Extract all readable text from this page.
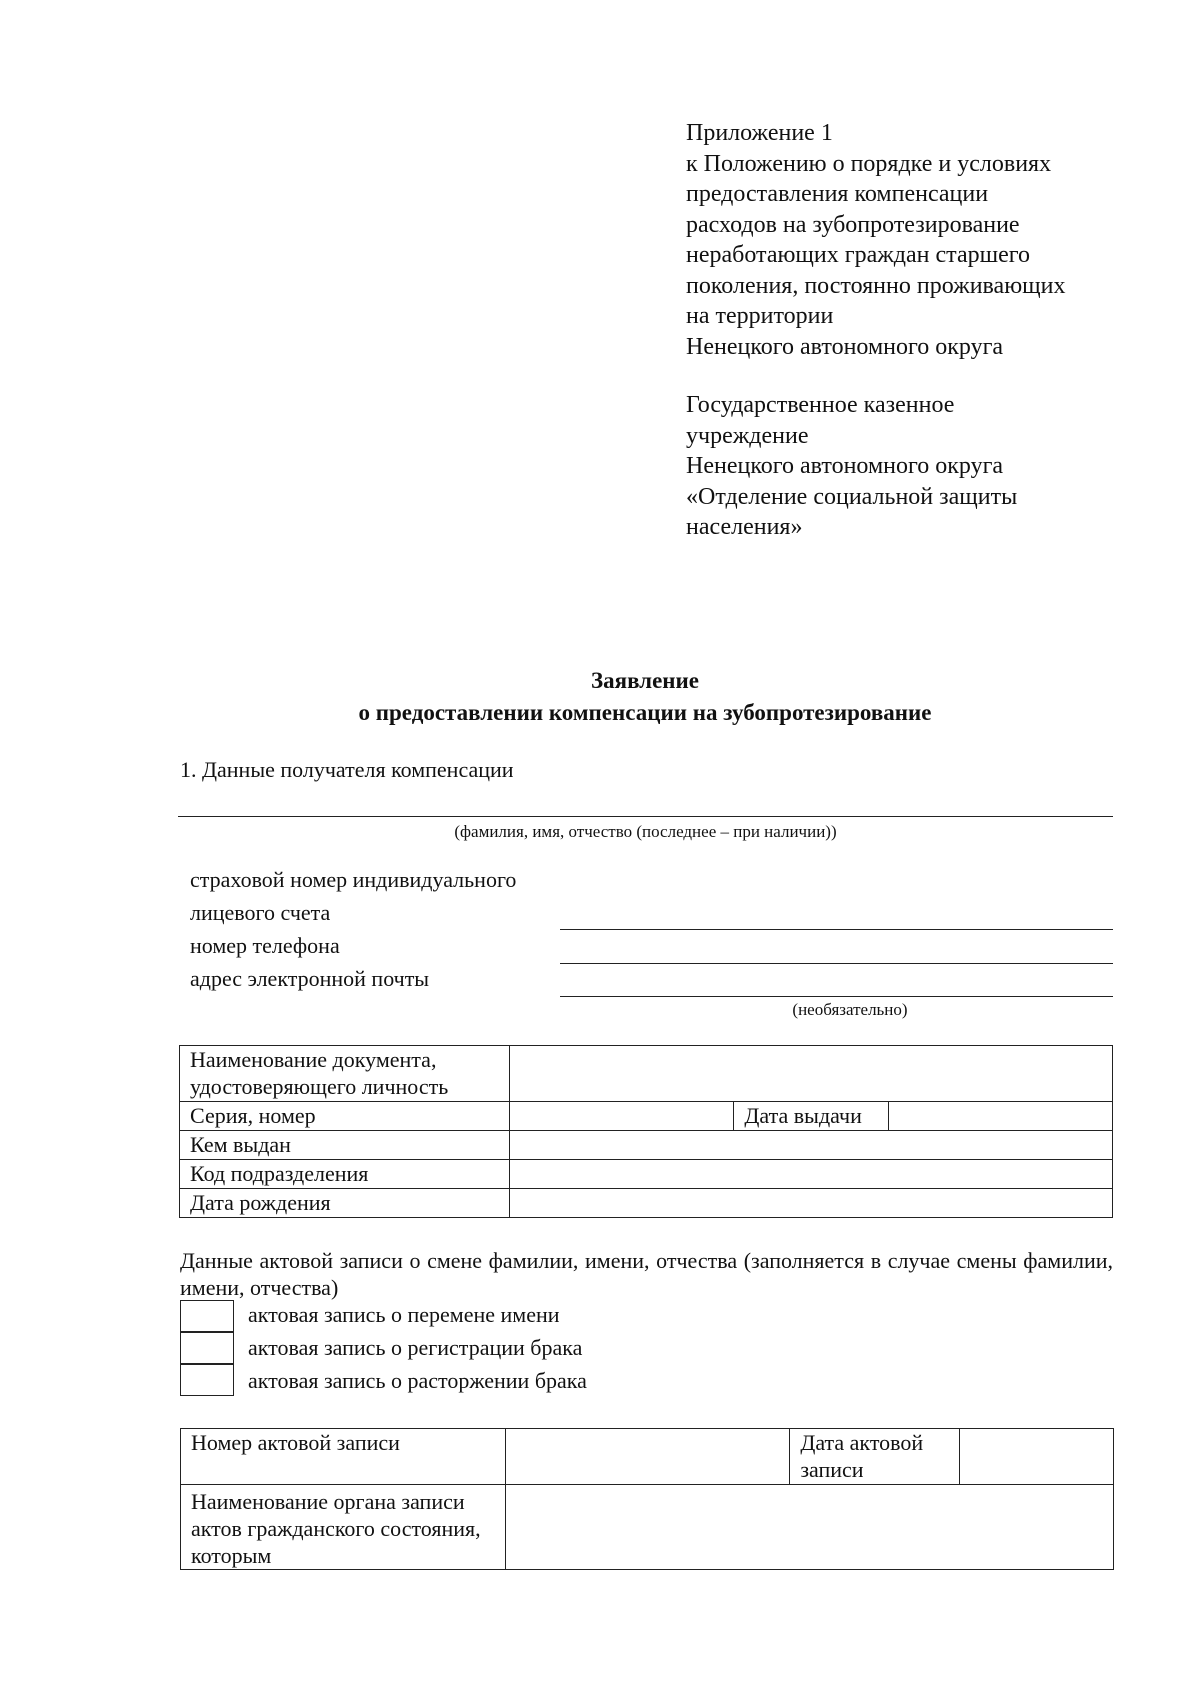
Приложение 1
к Положению о порядке и условиях
предоставления компенсации
расходов на зубопротезирование
неработающих граждан старшего
поколения, постоянно проживающих
на территории
Ненецкого автономного округа
Государственное казенное
учреждение
Ненецкого автономного округа
«Отделение социальной защиты
населения»
Заявление
о предоставлении компенсации на зубопротезирование
1. Данные получателя компенсации
(фамилия, имя, отчество (последнее – при наличии))
страховой номер индивидуального
лицевого счета
номер телефона
адрес электронной почты
(необязательно)
Наименование документа, удостоверяющего личность			
Серия, номер		Дата выдачи	
Кем выдан			
Код подразделения			
Дата рождения			
Данные актовой записи о смене фамилии, имени, отчества (заполняется в случае смены фамилии, имени, отчества)
актовая запись о перемене имени
актовая запись о регистрации брака
актовая запись о расторжении брака
Номер актовой записи		Дата актовой записи	
Наименование органа записи актов гражданского состояния, которым			
